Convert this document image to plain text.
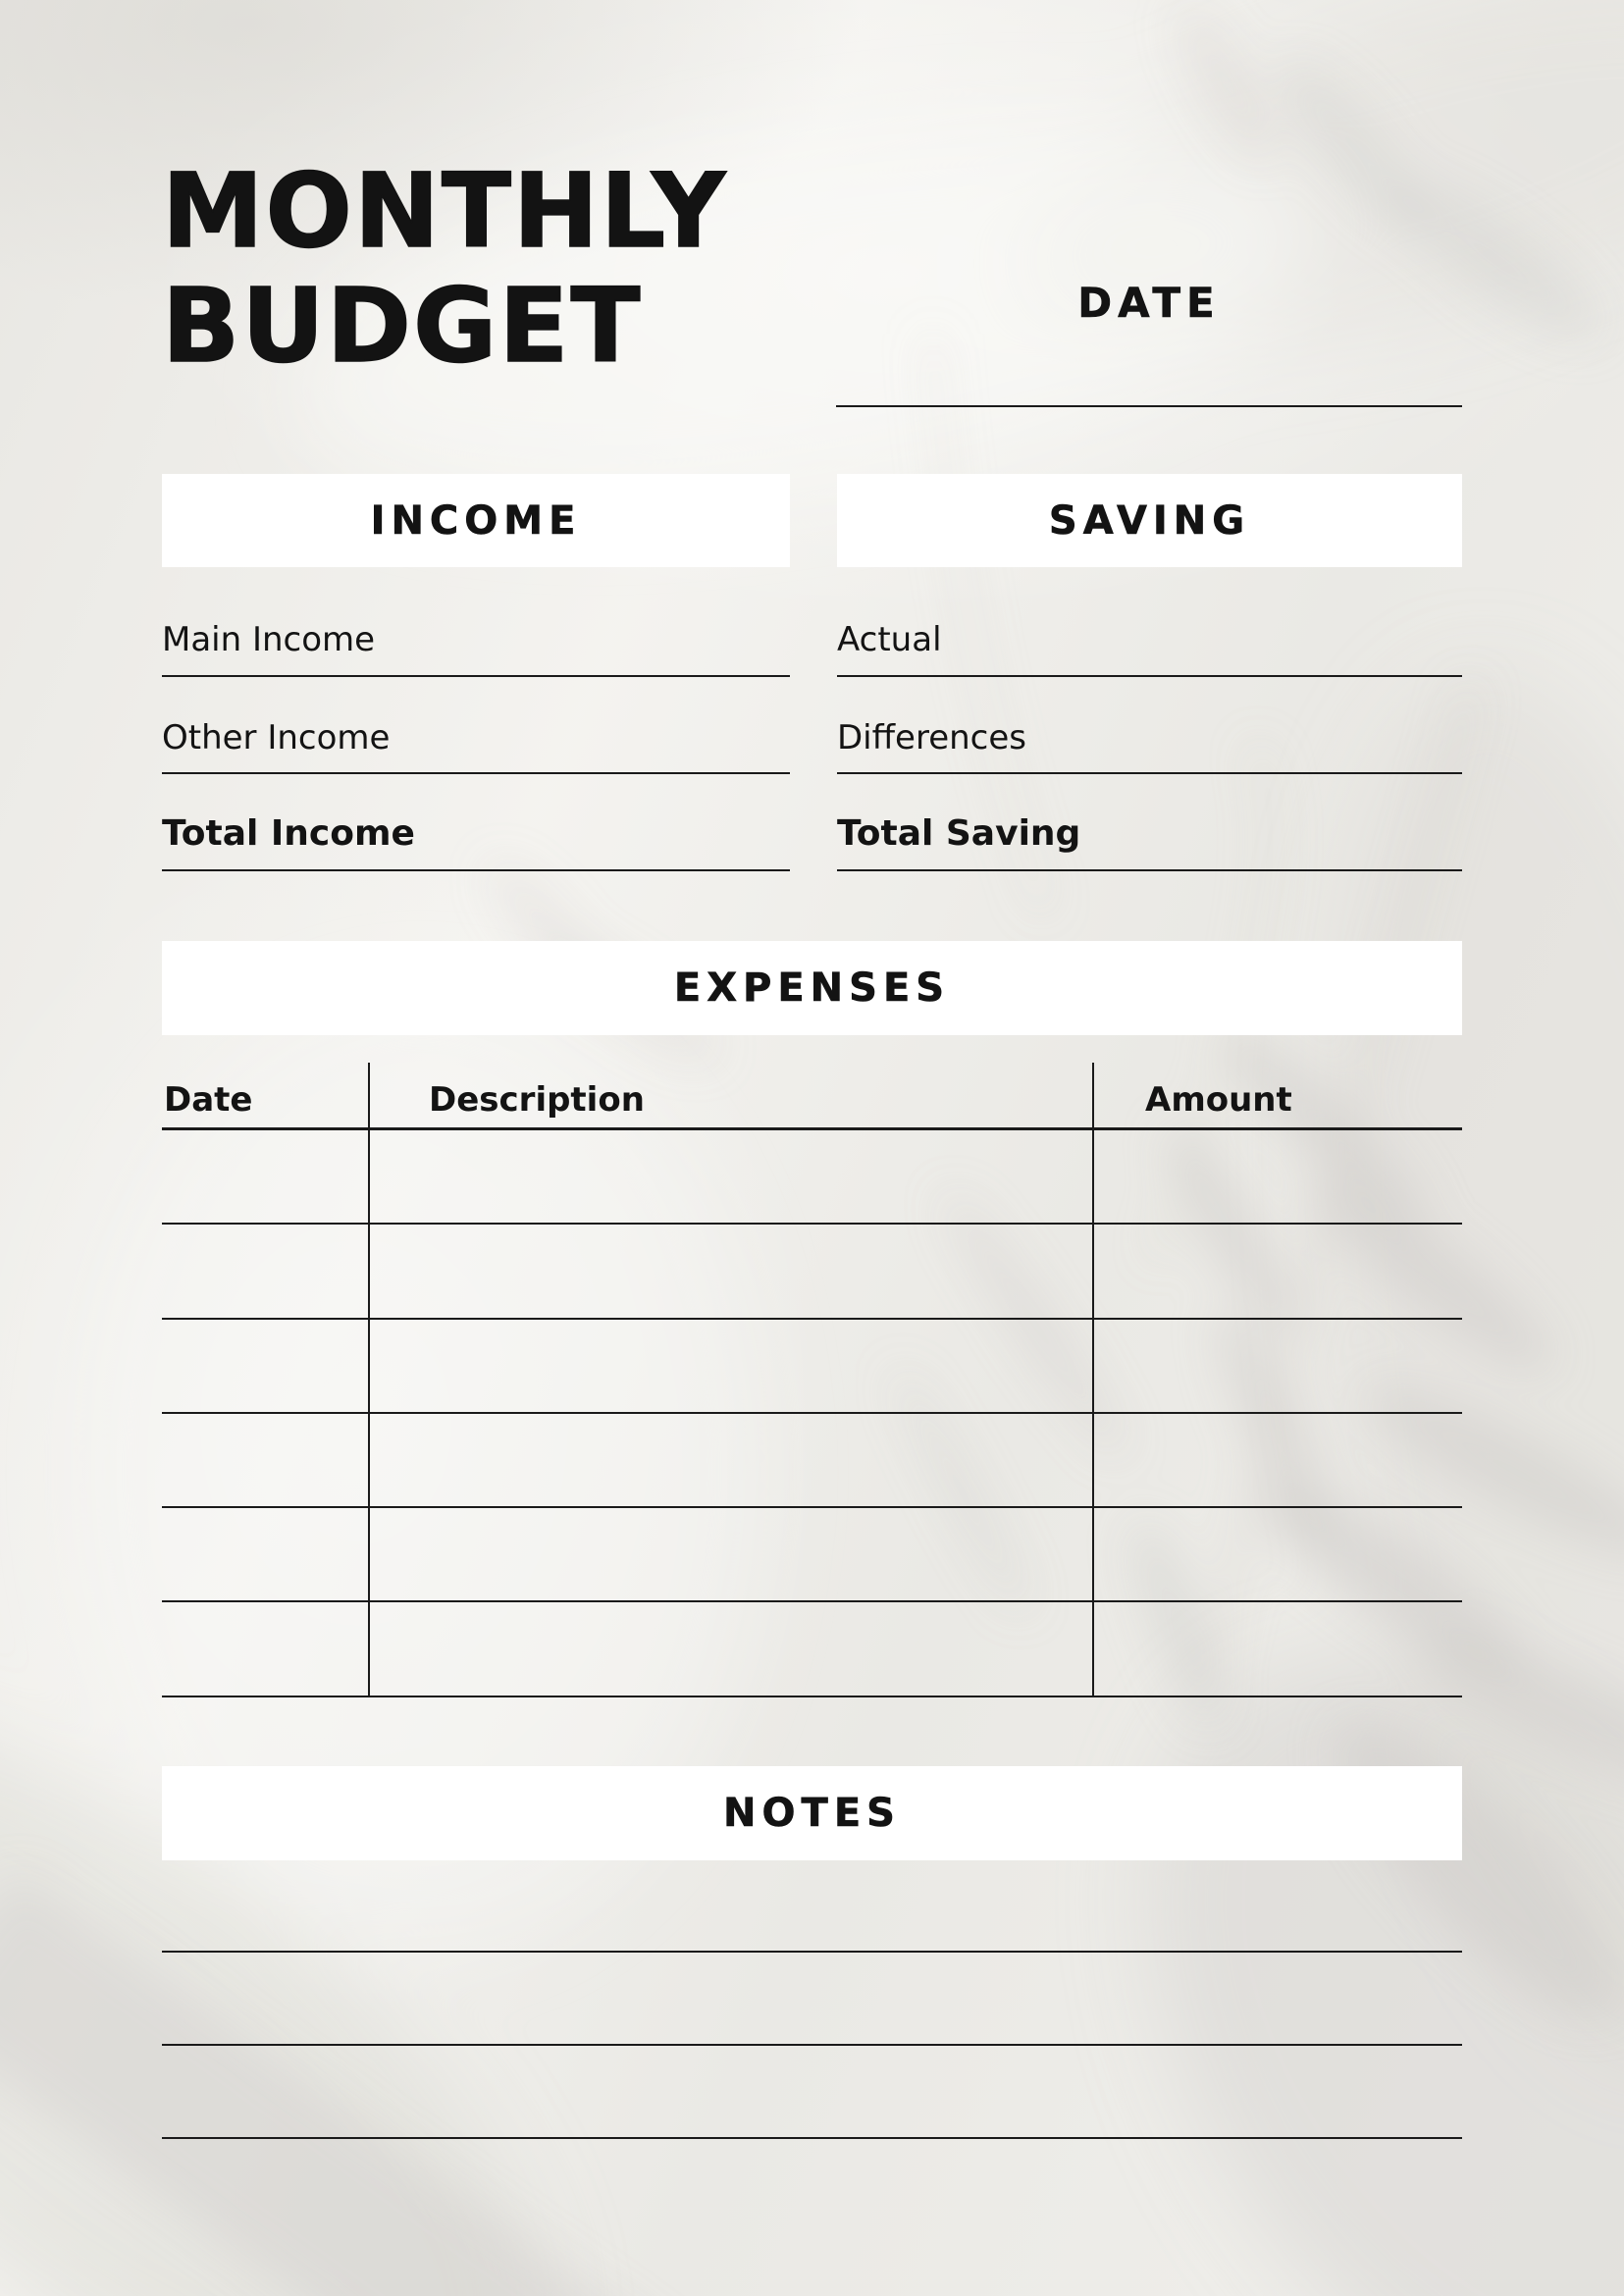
MONTHLY
BUDGET	DATE
INCOME
Main Income
Other Income
Total Income
SAVING
Actual
Differences
Total Saving
EXPENSES
Date	Description	Amount
NOTES
